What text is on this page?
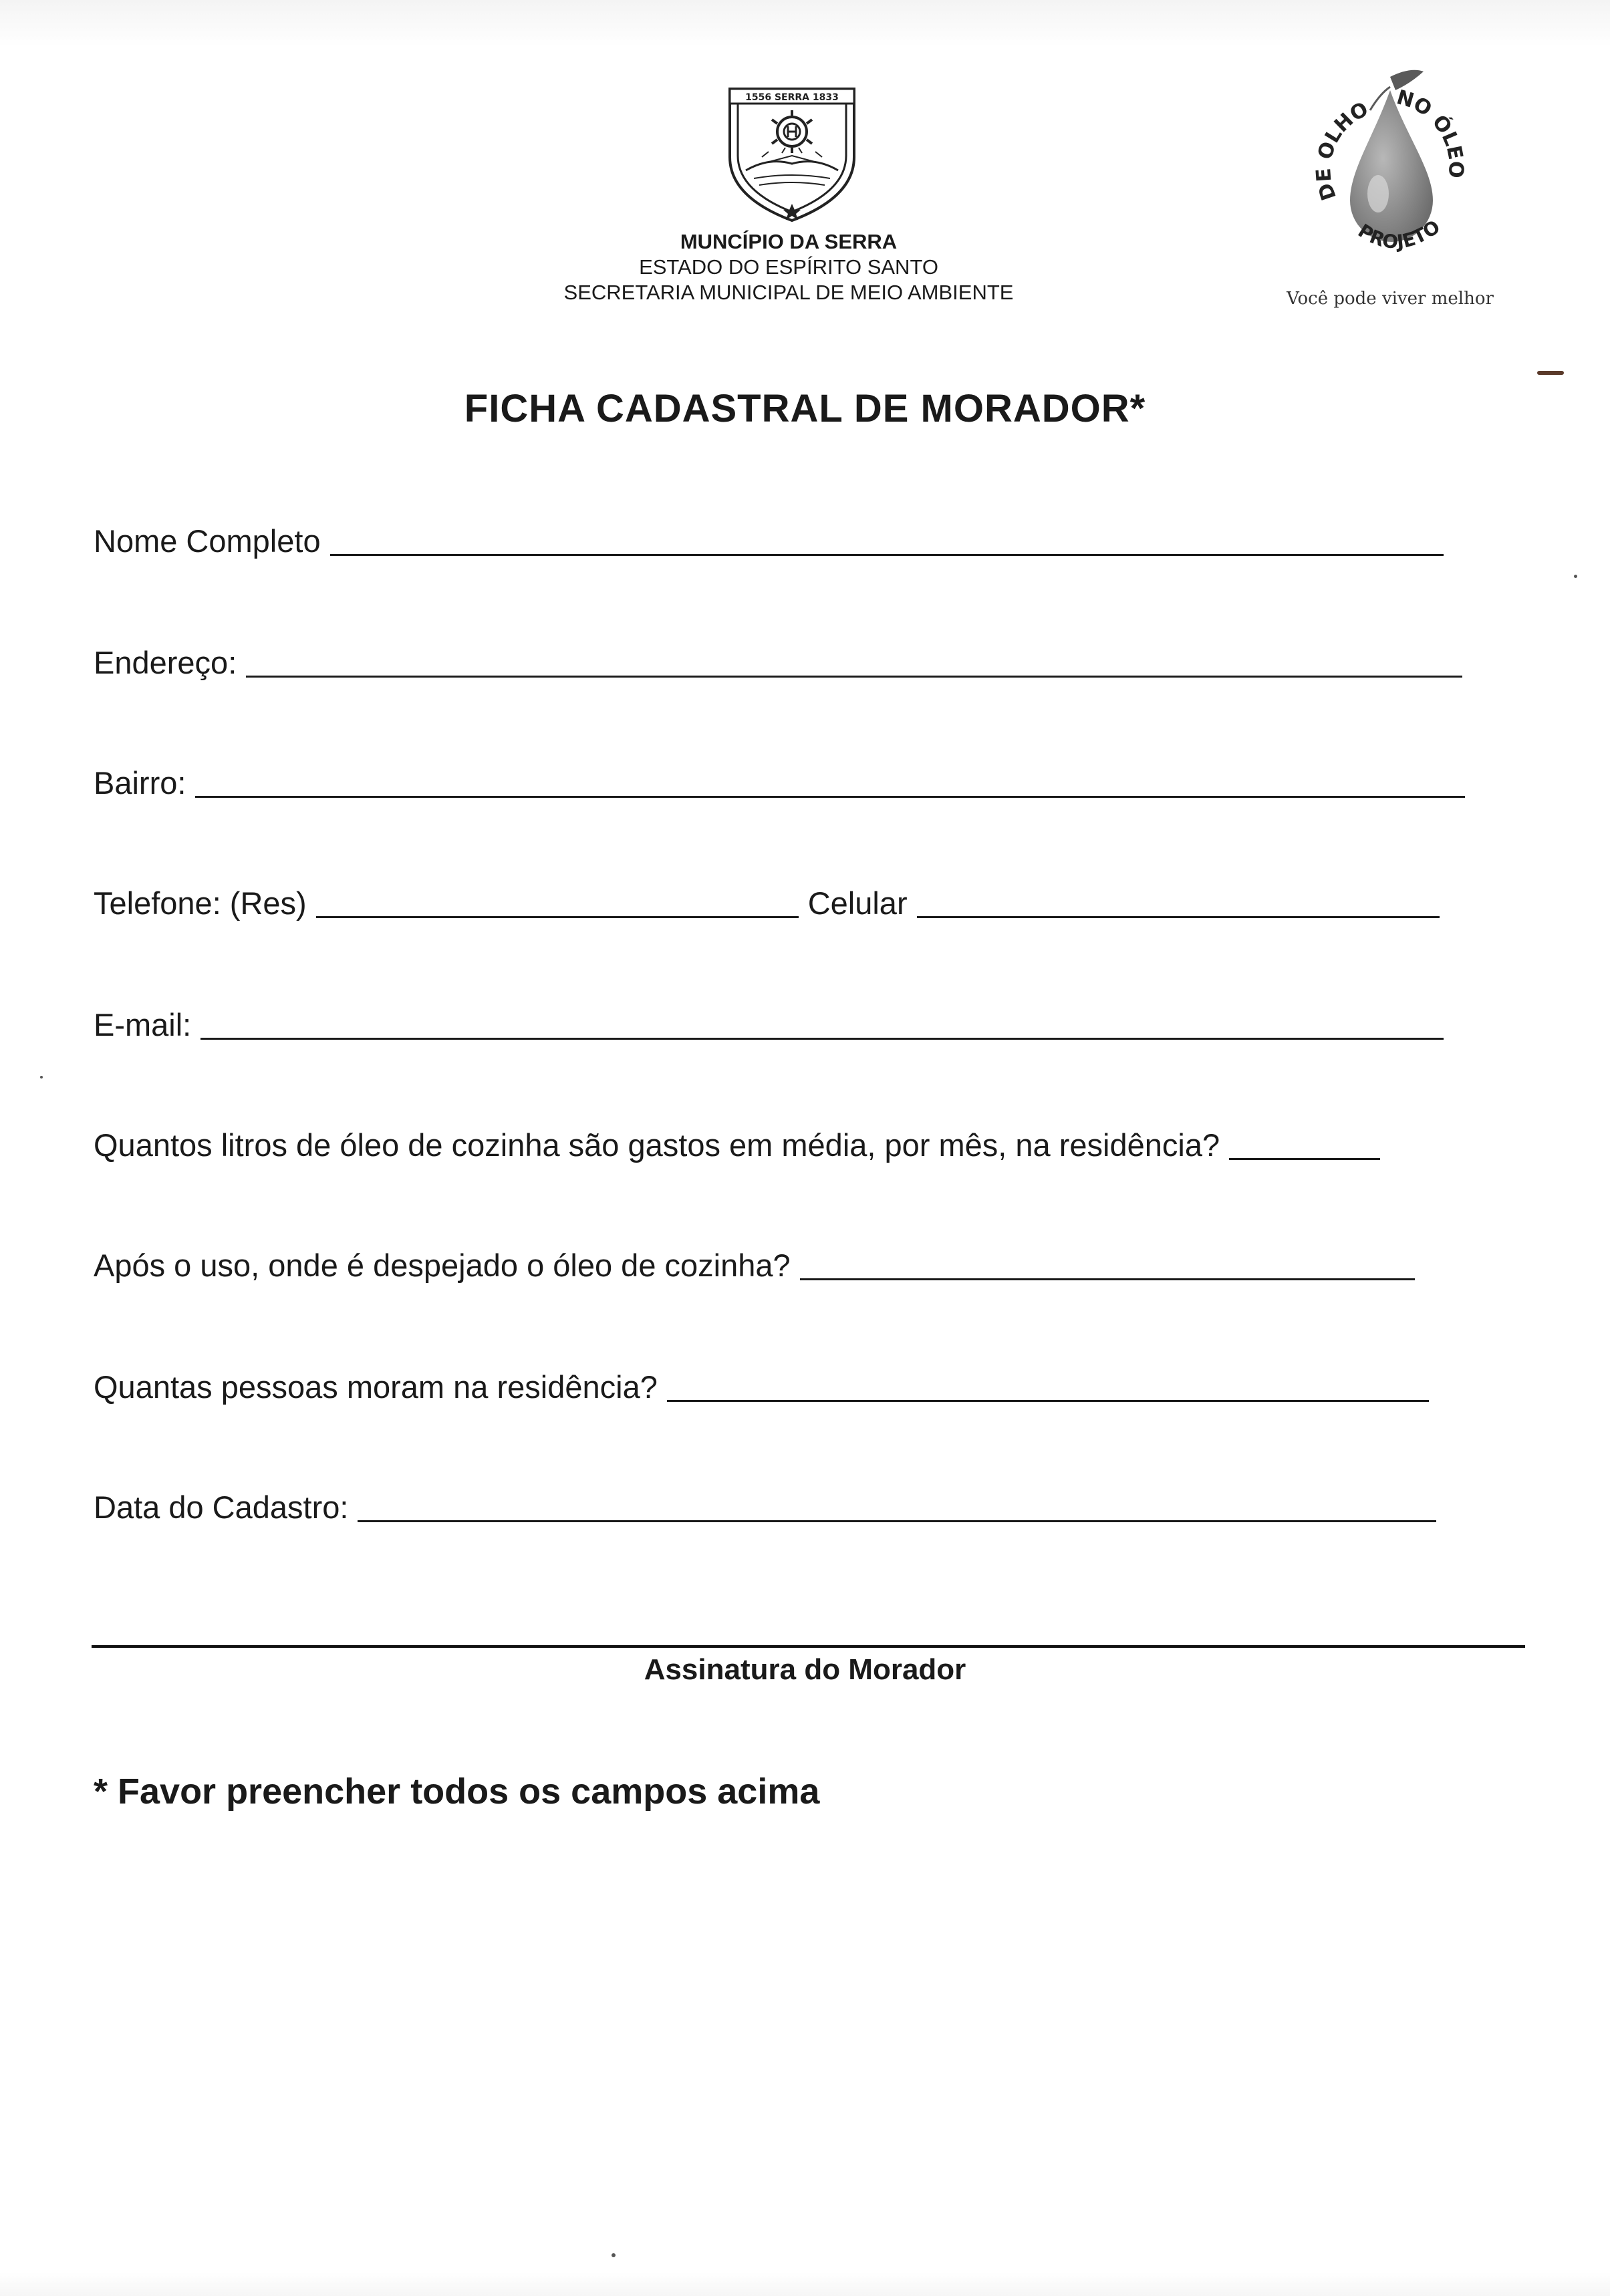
1556 SERRA 1833
MUNCÍPIO DA SERRA
ESTADO DO ESPÍRITO SANTO
SECRETARIA MUNICIPAL DE MEIO AMBIENTE
DE OLHO NO ÓLEO
PROJETO
Você pode viver melhor
FICHA CADASTRAL DE MORADOR*
Nome Completo
Endereço:
Bairro:
Telefone: (Res)	Celular
E-mail:
Quantos litros de óleo de cozinha são gastos em média, por mês, na residência?
Após o uso, onde é despejado o óleo de cozinha?
Quantas pessoas moram na residência?
Data do Cadastro:
Assinatura do Morador
* Favor preencher todos os campos acima
